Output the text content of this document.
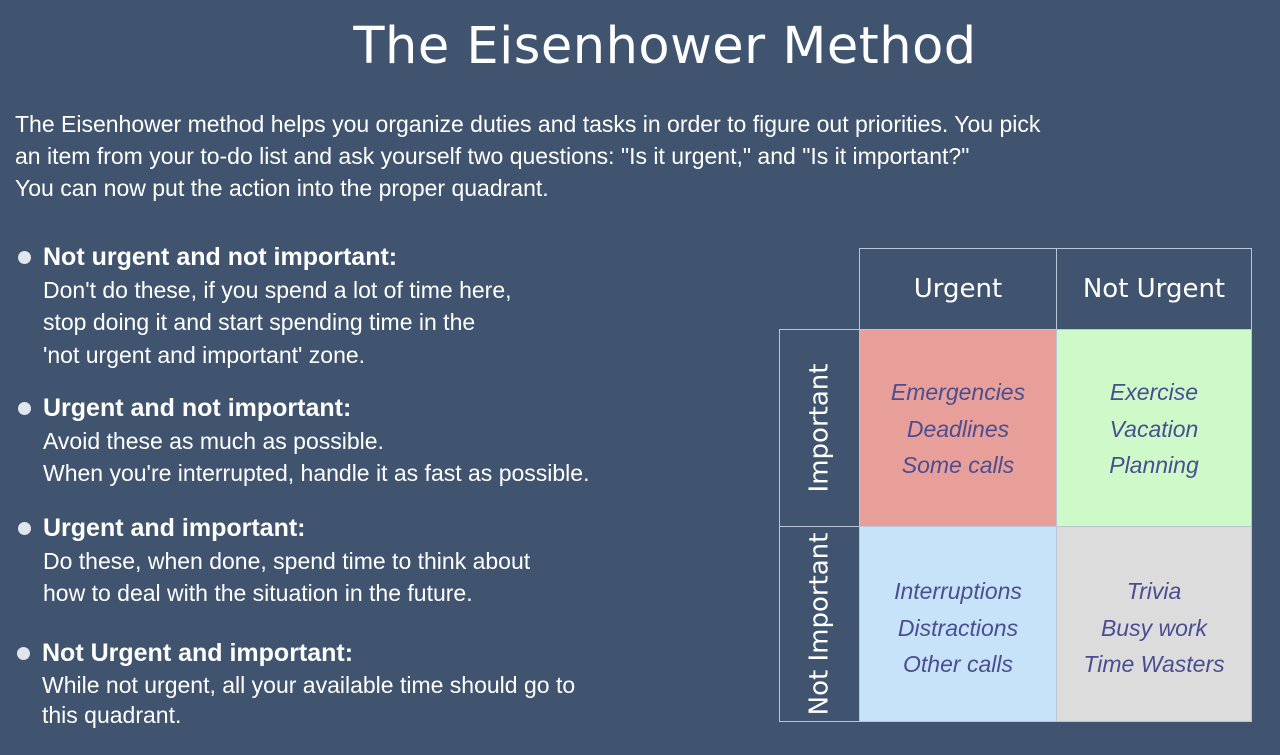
The Eisenhower Method
The Eisenhower method helps you organize duties and tasks in order to figure out priorities. You pick
an item from your to-do list and ask yourself two questions: "Is it urgent," and "Is it important?"
You can now put the action into the proper quadrant.
Not urgent and not important:
Don't do these, if you spend a lot of time here,
stop doing it and start spending time in the
'not urgent and important' zone.
Urgent and not important:
Avoid these as much as possible.
When you're interrupted, handle it as fast as possible.
Urgent and important:
Do these, when done, spend time to think about
how to deal with the situation in the future.
Not Urgent and important:
While not urgent, all your available time should go to
this quadrant.
Urgent	Not Urgent
Important
Not Important
Emergencies
Deadlines
Some calls
Exercise
Vacation
Planning
Interruptions
Distractions
Other calls
Trivia
Busy work
Time Wasters
